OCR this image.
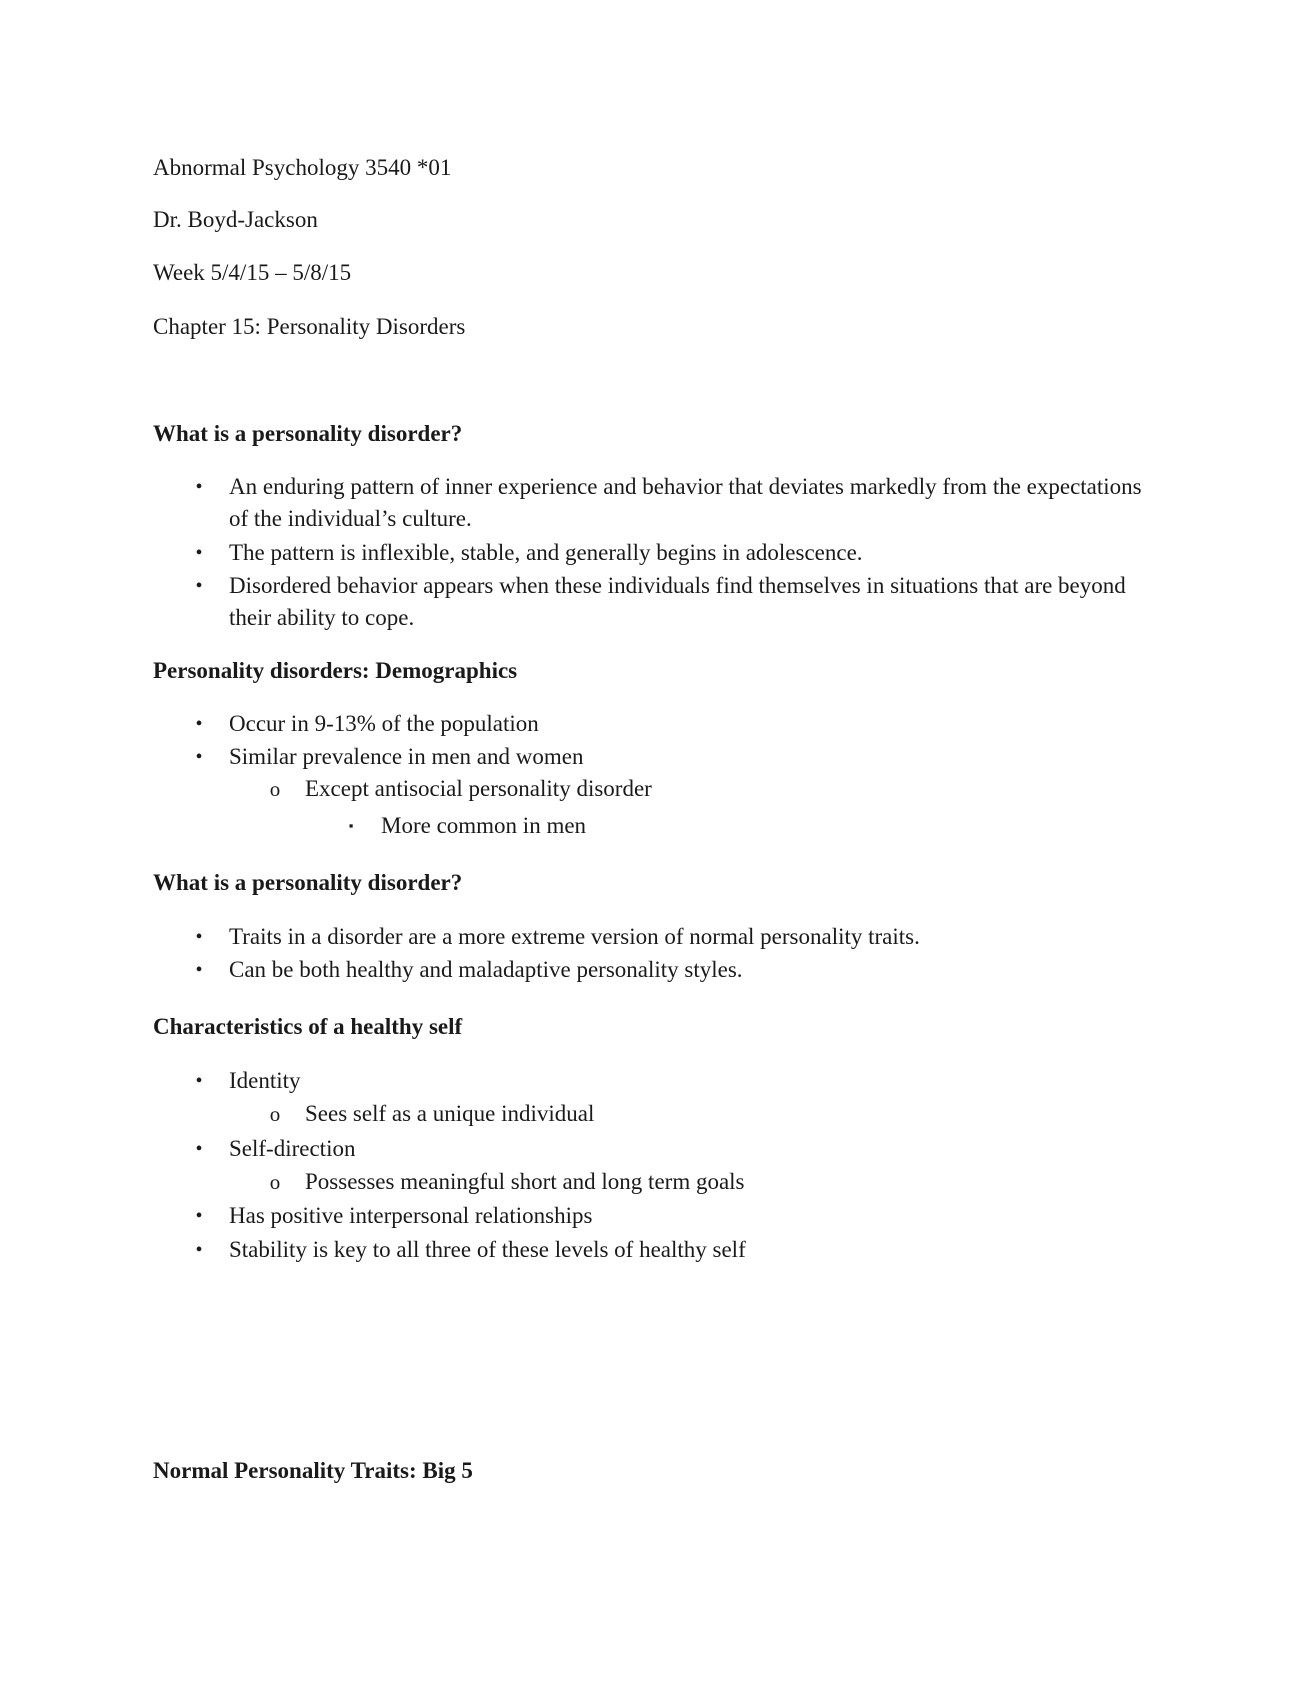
Abnormal Psychology 3540 *01
Dr. Boyd-Jackson
Week 5/4/15 – 5/8/15
Chapter 15: Personality Disorders
What is a personality disorder?
• An enduring pattern of inner experience and behavior that deviates markedly from the expectations of the individual’s culture.
• The pattern is inflexible, stable, and generally begins in adolescence.
• Disordered behavior appears when these individuals find themselves in situations that are beyond their ability to cope.
Personality disorders: Demographics
• Occur in 9-13% of the population
• Similar prevalence in men and women
o Except antisocial personality disorder
▪	More common in men
What is a personality disorder?
• Traits in a disorder are a more extreme version of normal personality traits.
• Can be both healthy and maladaptive personality styles.
Characteristics of a healthy self
• Identity
o Sees self as a unique individual
• Self-direction
o Possesses meaningful short and long term goals
• Has positive interpersonal relationships
• Stability is key to all three of these levels of healthy self
Normal Personality Traits: Big 5
